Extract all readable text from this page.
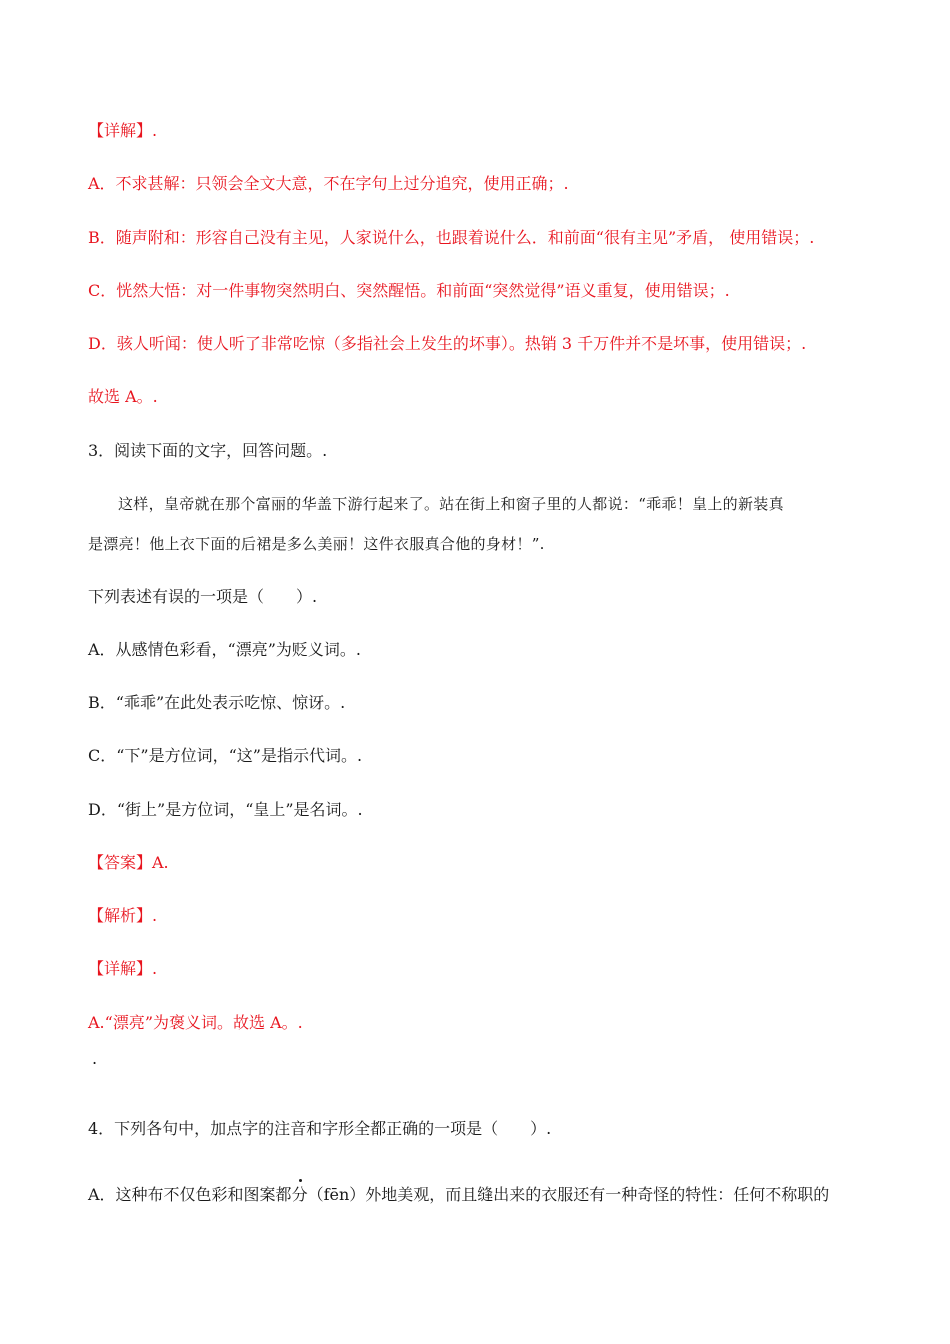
【详解】.
A．不求甚解：只领会全文大意，不在字句上过分追究，使用正确；.
B．随声附和：形容自己没有主见，人家说什么，也跟着说什么．和前面“很有主见”矛盾， 使用错误；.
C．恍然大悟：对一件事物突然明白、突然醒悟。和前面“突然觉得”语义重复，使用错误；.
D．骇人听闻：使人听了非常吃惊（多指社会上发生的坏事）。热销 3 千万件并不是坏事，使用错误；.
故选 A。.
3．阅读下面的文字，回答问题。.
这样，皇帝就在那个富丽的华盖下游行起来了。站在街上和窗子里的人都说：“乖乖！皇上的新装真
是漂亮！他上衣下面的后裙是多么美丽！这件衣服真合他的身材！”.
下列表述有误的一项是（　　）.
A．从感情色彩看，“漂亮”为贬义词。.
B．“乖乖”在此处表示吃惊、惊讶。.
C．“下”是方位词，“这”是指示代词。.
D．“街上”是方位词，“皇上”是名词。.
【答案】A.
【解析】.
【详解】.
A.“漂亮”为褒义词。故选 A。.
.
4．下列各句中，加点字的注音和字形全都正确的一项是（　　）.
A．这种布不仅色彩和图案都分（fēn）外地美观，而且缝出来的衣服还有一种奇怪的特性：任何不称职的
